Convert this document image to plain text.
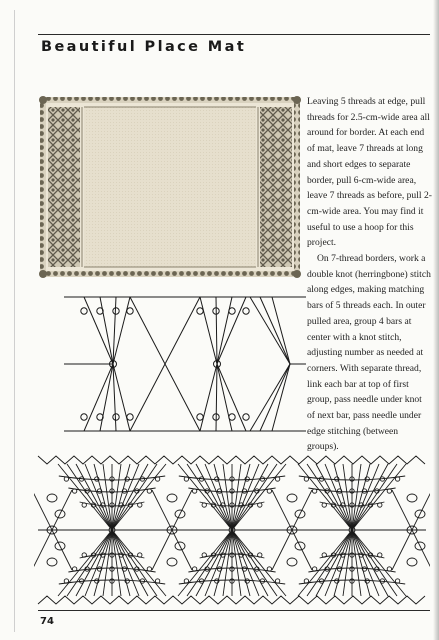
Beautiful Place Mat

Leaving 5 threads at edge, pull threads for 2.5-cm-wide area all around for border. At each end of mat, leave 7 threads at long and short edges to separate border, pull 6-cm-wide area, leave 7 threads as before, pull 2-cm-wide area. You may find it useful to use a hoop for this project.

On 7-thread borders, work a double knot (herringbone) stitch along edges, making matching bars of 5 threads each. In outer pulled area, group 4 bars at center with a knot stitch, adjusting number as needed at corners. With separate thread, link each bar at top of first group, pass needle under knot of next bar, pass needle under edge stitching (between groups).

74
